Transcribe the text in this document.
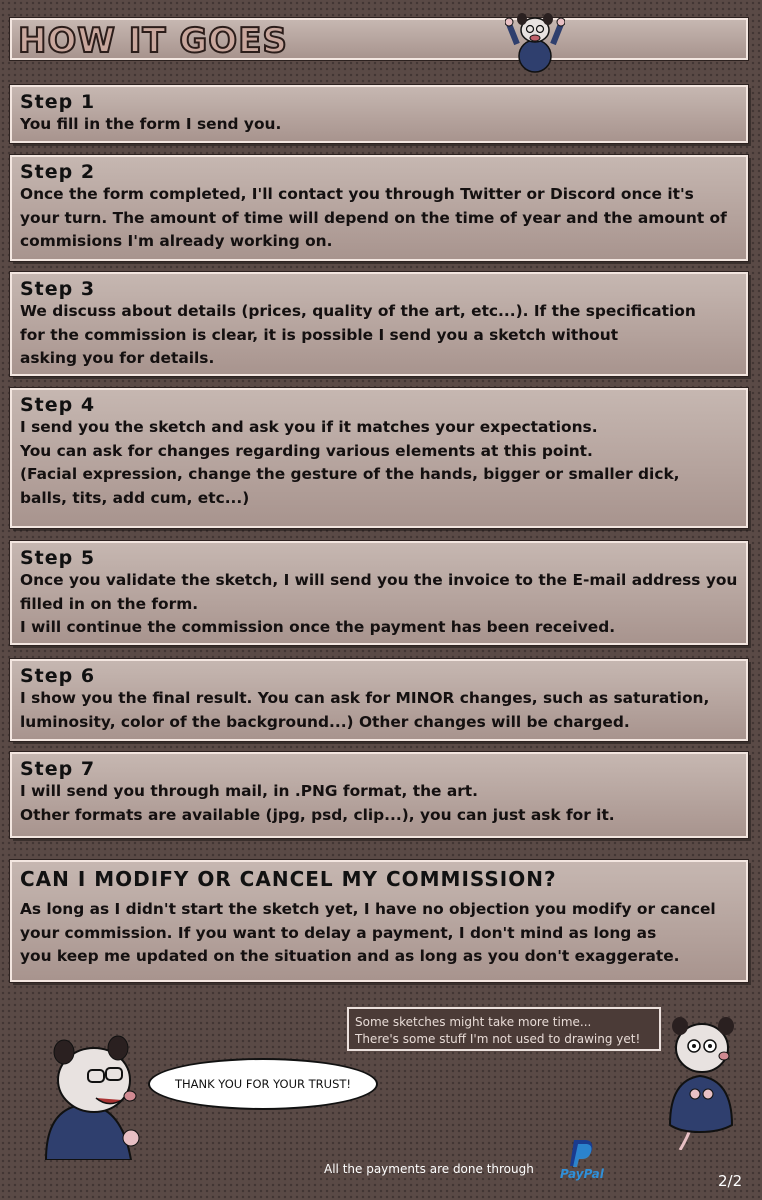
HOW IT GOES
Step 1
You fill in the form I send you.
Step 2
Once the form completed, I'll contact you through Twitter or Discord once it's
your turn. The amount of time will depend on the time of year and the amount of
commisions I'm already working on.
Step 3
We discuss about details (prices, quality of the art, etc...). If the specification
for the commission is clear, it is possible I send you a sketch without
asking you for details.
Step 4
I send you the sketch and ask you if it matches your expectations.
You can ask for changes regarding various elements at this point.
(Facial expression, change the gesture of the hands, bigger or smaller dick,
balls, tits, add cum, etc...)
Step 5
Once you validate the sketch, I will send you the invoice to the E-mail address you
filled in on the form.
I will continue the commission once the payment has been received.
Step 6
I show you the final result. You can ask for MINOR changes, such as saturation,
luminosity, color of the background...) Other changes will be charged.
Step 7
I will send you through mail, in .PNG format, the art.
Other formats are available (jpg, psd, clip...), you can just ask for it.
CAN I MODIFY OR CANCEL MY COMMISSION?
As long as I didn't start the sketch yet, I have no objection you modify or cancel
your commission. If you want to delay a payment, I don't mind as long as
you keep me updated on the situation and as long as you don't exaggerate.
Some sketches might take more time...
There's some stuff I'm not used to drawing yet!
THANK YOU FOR YOUR TRUST!
All the payments are done through PayPal	2/2
